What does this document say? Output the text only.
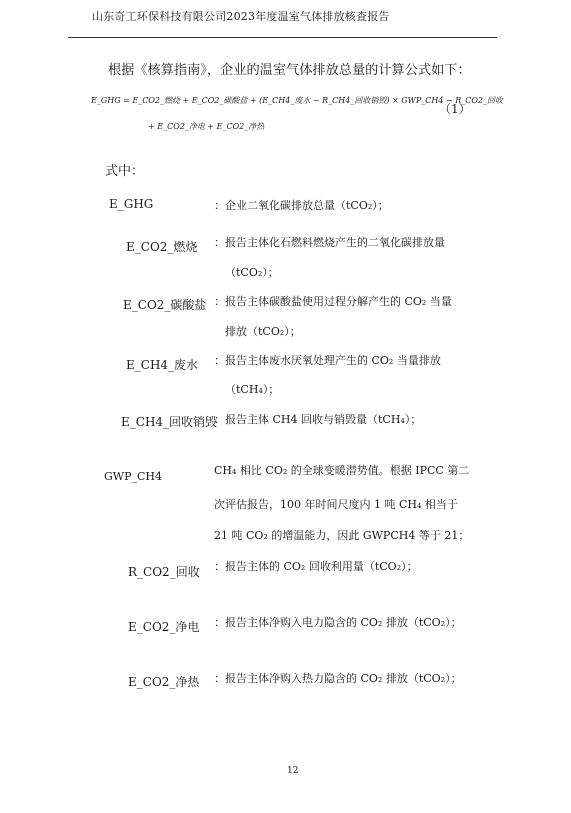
山东奇工环保科技有限公司2023年度温室气体排放核查报告
根据《核算指南》，企业的温室气体排放总量的计算公式如下：
E_GHG = E_CO2_燃烧 + E_CO2_碳酸盐 + (E_CH4_废水 − R_CH4_回收销毁) × GWP_CH4 − R_CO2_回收
+ E_CO2_净电 + E_CO2_净热
（1）
式中：
E_GHG	：企业二氧化碳排放总量（tCO₂）；
E_CO2_燃烧 ：报告主体化石燃料燃烧产生的二氧化碳排放量
（tCO₂）；
E_CO2_碳酸盐 ：报告主体碳酸盐使用过程分解产生的 CO₂ 当量
排放（tCO₂）；
E_CH4_废水 ：报告主体废水厌氧处理产生的 CO₂ 当量排放
（tCH₄）；
E_CH4_回收销毁
：报告主体 CH4 回收与销毁量（tCH₄）；
GWP_CH4	CH₄ 相比 CO₂ 的全球变暖潜势值。根据 IPCC 第二
次评估报告，100 年时间尺度内 1 吨 CH₄ 相当于
21 吨 CO₂ 的增温能力，因此 GWPCH4 等于 21；
R_CO2_回收 ：报告主体的 CO₂ 回收利用量（tCO₂）；
E_CO2_净电 ：报告主体净购入电力隐含的 CO₂ 排放（tCO₂）；
E_CO2_净热 ：报告主体净购入热力隐含的 CO₂ 排放（tCO₂）；
12
